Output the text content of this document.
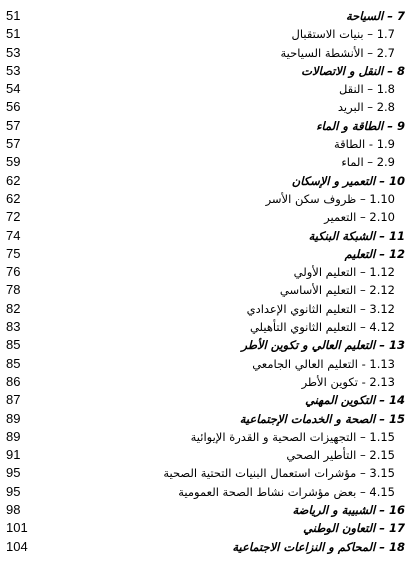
51	7 – السياحة
51	1.7 – بنيات الاستقبال
53	2.7 – الأنشطة السياحية
53	8 – النقل و الاتصالات
54	1.8 – النقل
56	2.8 – البريد
57	9 – الطاقة و الماء
57	1.9 - الطاقة
59	2.9 – الماء
62	10 – التعمير و الإسكان
62	1.10 – ظروف سكن الأسر
72	2.10 – التعمير
74	11 – الشبكة البنكية
75	12 – التعليم
76	1.12 – التعليم الأولي
78	2.12 – التعليم الأساسي
82	3.12 – التعليم الثانوي الإعدادي
83	4.12 – التعليم الثانوي التأهيلي
85	13 – التعليم العالي و تكوين الأطر
85	1.13 - التعليم العالي الجامعي
86	2.13 - تكوين الأطر
87	14 – التكوين المهني
89	15 – الصحة و الخدمات الإجتماعية
89	1.15 – التجهيزات الصحية و القدرة الإيوائية
91	2.15 – التأطير الصحي
95	3.15 – مؤشرات استعمال البنيات التحتية الصحية
95	4.15 – بعض مؤشرات نشاط الصحة العمومية
98	16 – الشبيبة و الرياضة
101	17 – التعاون الوطني
104	18 – المحاكم و النزاعات الاجتماعية
